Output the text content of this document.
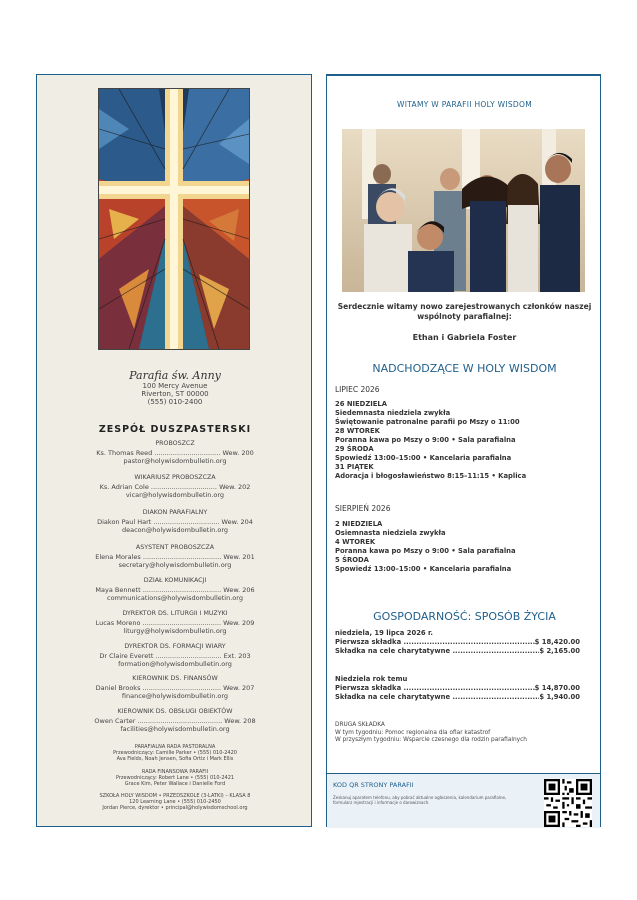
Parafia św. Anny
100 Mercy Avenue
Riverton, ST 00000
(555) 010-2400
ZESPÓŁ DUSZPASTERSKI
PROBOSZCZ
Ks. Thomas Reed ................................ Wew. 200
pastor@holywisdombulletin.org
WIKARIUSZ PROBOSZCZA
Ks. Adrian Cole ................................ Wew. 202
vicar@holywisdombulletin.org
DIAKON PARAFIALNY
Diakon Paul Hart ................................ Wew. 204
deacon@holywisdombulletin.org
ASYSTENT PROBOSZCZA
Elena Morales ...................................... Wew. 201
secretary@holywisdombulletin.org
DZIAŁ KOMUNIKACJI
Maya Bennett ...................................... Wew. 206
communications@holywisdombulletin.org
DYREKTOR DS. LITURGII I MUZYKI
Lucas Moreno ...................................... Wew. 209
liturgy@holywisdombulletin.org
DYREKTOR DS. FORMACJI WIARY
Dr Claire Everett ................................ Ext. 203
formation@holywisdombulletin.org
KIEROWNIK DS. FINANSÓW
Daniel Brooks ...................................... Wew. 207
finance@holywisdombulletin.org
KIEROWNIK DS. OBSŁUGI OBIEKTÓW
Owen Carter ......................................... Wew. 208
facilities@holywisdombulletin.org
PARAFIALNA RADA PASTORALNA
Przewodniczący: Camille Parker • (555) 010-2420
Ava Fields, Noah Jensen, Sofia Ortiz i Mark Ellis
RADA FINANSOWA PARAFII
Przewodniczący: Robert Lane • (555) 010-2421
Grace Kim, Peter Wallace i Danielle Ford
SZKOŁA HOLY WISDOM • PRZEDSZKOLE (3-LATKI) – KLASA 8
120 Learning Lane • (555) 010-2450
Jordan Pierce, dyrektor • principal@holywisdomschool.org
WITAMY W PARAFII HOLY WISDOM
Serdecznie witamy nowo zarejestrowanych członków naszej wspólnoty parafialnej:
Ethan i Gabriela Foster
NADCHODZĄCE W HOLY WISDOM
LIPIEC 2026
26 NIEDZIELA
Siedemnasta niedziela zwykła
Świętowanie patronalne parafii po Mszy o 11:00
28 WTOREK
Poranna kawa po Mszy o 9:00 • Sala parafialna
29 ŚRODA
Spowiedź 13:00–15:00 • Kancelaria parafialna
31 PIĄTEK
Adoracja i błogosławieństwo 8:15–11:15 • Kaplica
SIERPIEŃ 2026
2 NIEDZIELA
Osiemnasta niedziela zwykła
4 WTOREK
Poranna kawa po Mszy o 9:00 • Sala parafialna
5 ŚRODA
Spowiedź 13:00–15:00 • Kancelaria parafialna
GOSPODARNOŚĆ: SPOSÓB ŻYCIA
niedziela, 19 lipca 2026 r.
Pierwsza składka .....	$ 18,420.00
Składka na cele charytatywne .....	$ 2,165.00
Niedziela rok temu
Pierwsza składka .....	$ 14,870.00
Składka na cele charytatywne .....	$ 1,940.00
DRUGA SKŁADKA
W tym tygodniu: Pomoc regionalna dla ofiar katastrof
W przyszłym tygodniu: Wsparcie czesnego dla rodzin parafialnych
KOD QR STRONY PARAFII
Zeskanuj aparatem telefonu, aby pobrać aktualne ogłoszenia, kalendarium parafialne, formularz rejestracji i informacje o darowiznach.
